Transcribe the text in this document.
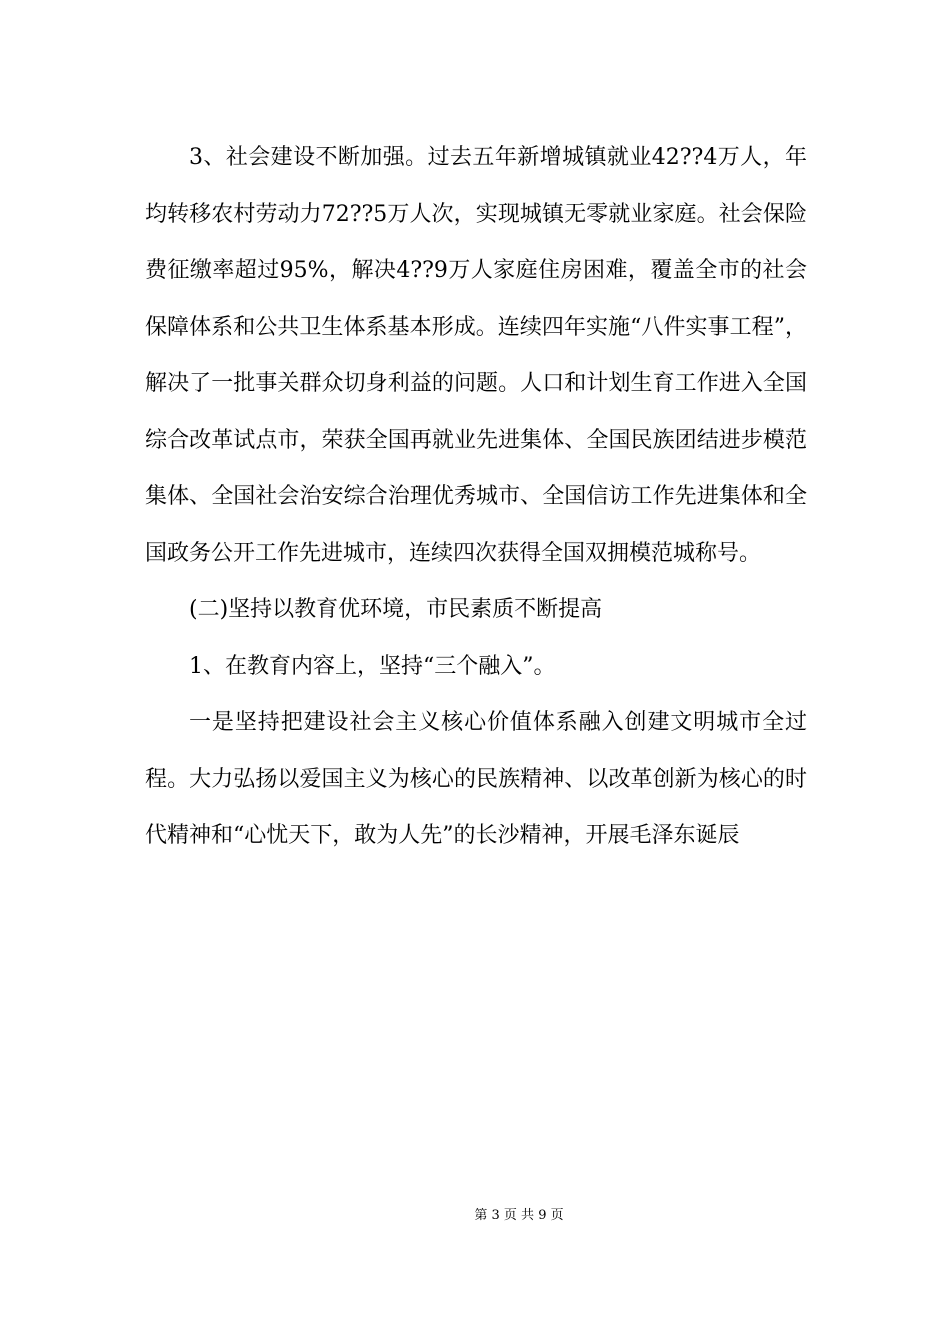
3、社会建设不断加强。过去五年新增城镇就业42??4万人，年均转移农村劳动力72??5万人次，实现城镇无零就业家庭。社会保险费征缴率超过95%，解决4??9万人家庭住房困难，覆盖全市的社会保障体系和公共卫生体系基本形成。连续四年实施“八件实事工程”，解决了一批事关群众切身利益的问题。人口和计划生育工作进入全国综合改革试点市，荣获全国再就业先进集体、全国民族团结进步模范集体、全国社会治安综合治理优秀城市、全国信访工作先进集体和全国政务公开工作先进城市，连续四次获得全国双拥模范城称号。

(二)坚持以教育优环境，市民素质不断提高

1、在教育内容上，坚持“三个融入”。

一是坚持把建设社会主义核心价值体系融入创建文明城市全过程。大力弘扬以爱国主义为核心的民族精神、以改革创新为核心的时代精神和“心忧天下，敢为人先”的长沙精神，开展毛泽东诞辰

第 3 页 共 9 页
